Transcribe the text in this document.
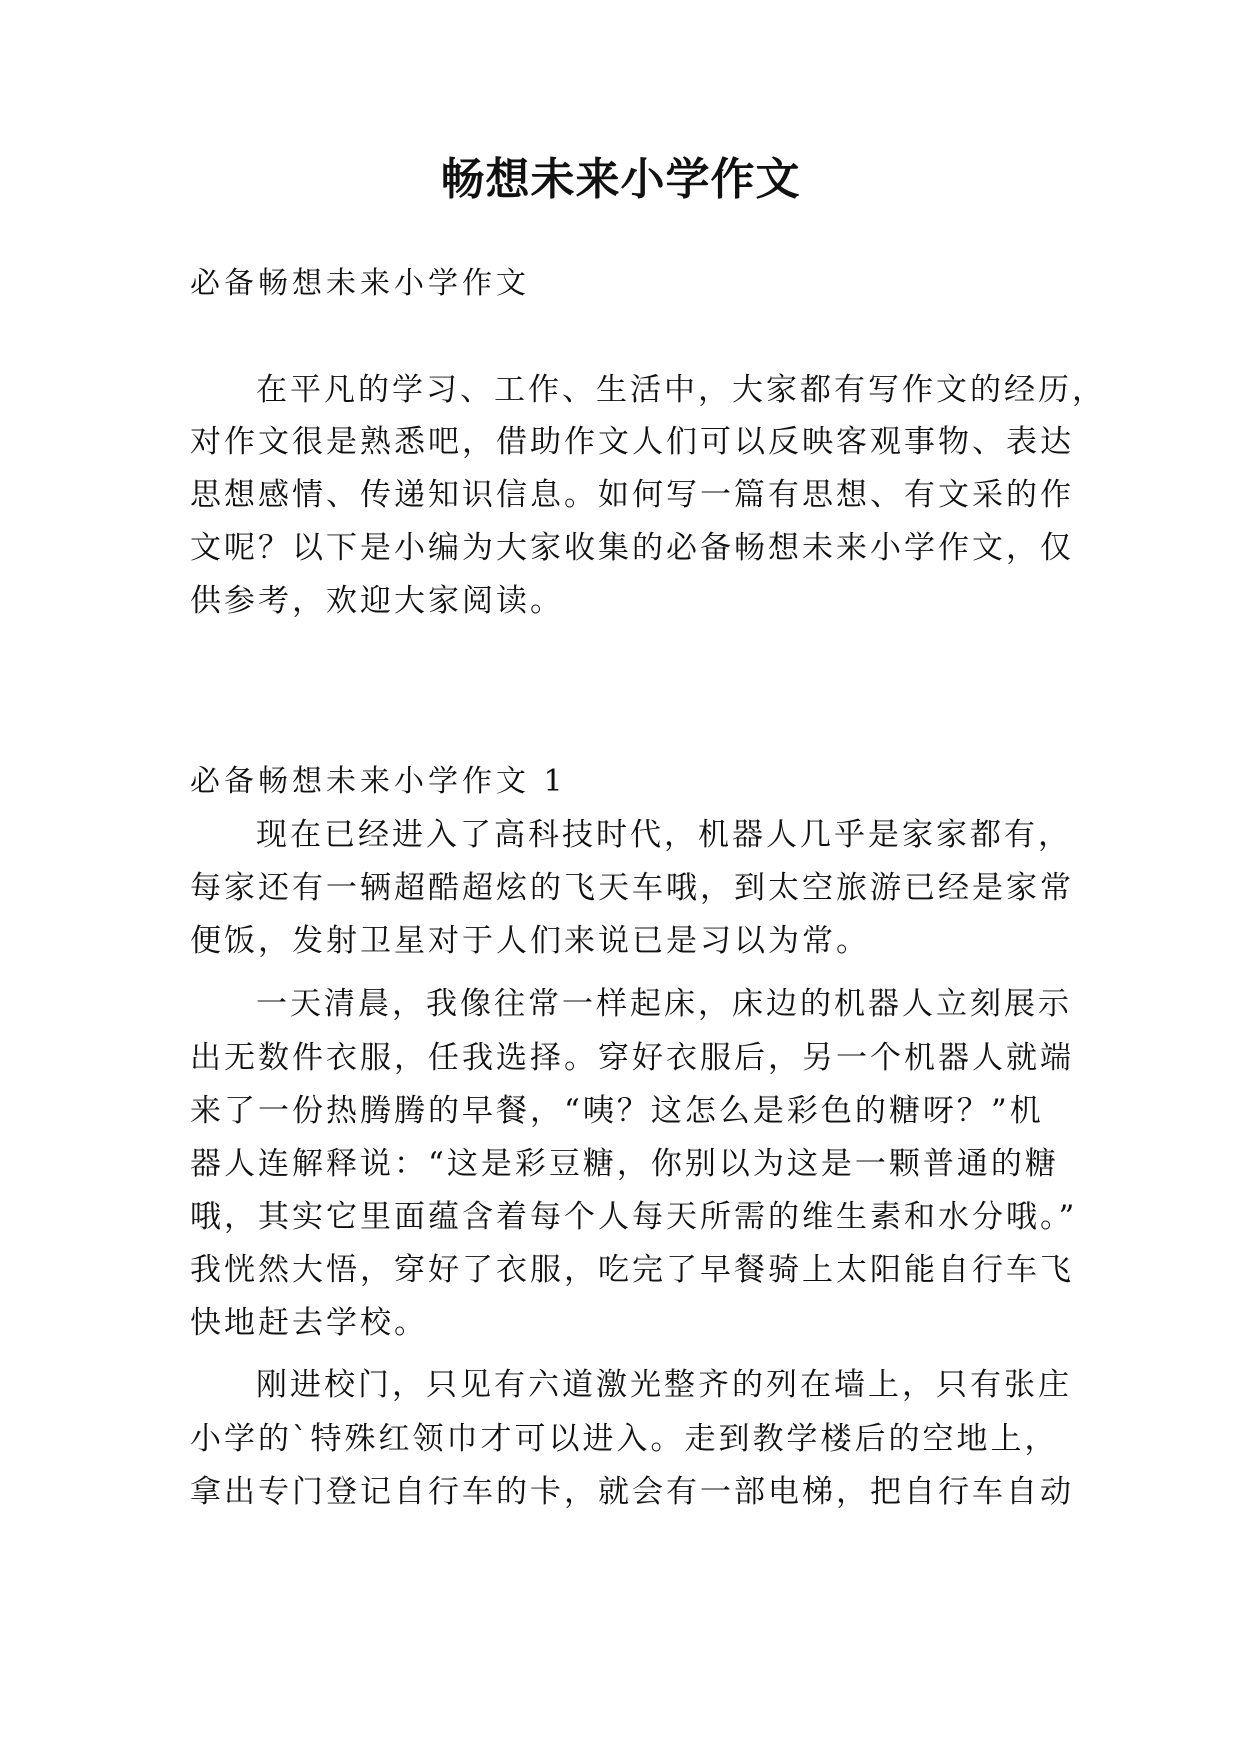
畅想未来小学作文
必备畅想未来小学作文
在平凡的学习、工作、生活中，大家都有写作文的经历，
对作文很是熟悉吧，借助作文人们可以反映客观事物、表达
思想感情、传递知识信息。如何写一篇有思想、有文采的作
文呢？以下是小编为大家收集的必备畅想未来小学作文，仅
供参考，欢迎大家阅读。
必备畅想未来小学作文 1
现在已经进入了高科技时代，机器人几乎是家家都有，
每家还有一辆超酷超炫的飞天车哦，到太空旅游已经是家常
便饭，发射卫星对于人们来说已是习以为常。
一天清晨，我像往常一样起床，床边的机器人立刻展示
出无数件衣服，任我选择。穿好衣服后，另一个机器人就端
来了一份热腾腾的早餐，“咦？这怎么是彩色的糖呀？”机
器人连解释说：“这是彩豆糖，你别以为这是一颗普通的糖
哦，其实它里面蕴含着每个人每天所需的维生素和水分哦。”
我恍然大悟，穿好了衣服，吃完了早餐骑上太阳能自行车飞
快地赶去学校。
刚进校门，只见有六道激光整齐的列在墙上，只有张庄
小学的`特殊红领巾才可以进入。走到教学楼后的空地上，
拿出专门登记自行车的卡，就会有一部电梯，把自行车自动
